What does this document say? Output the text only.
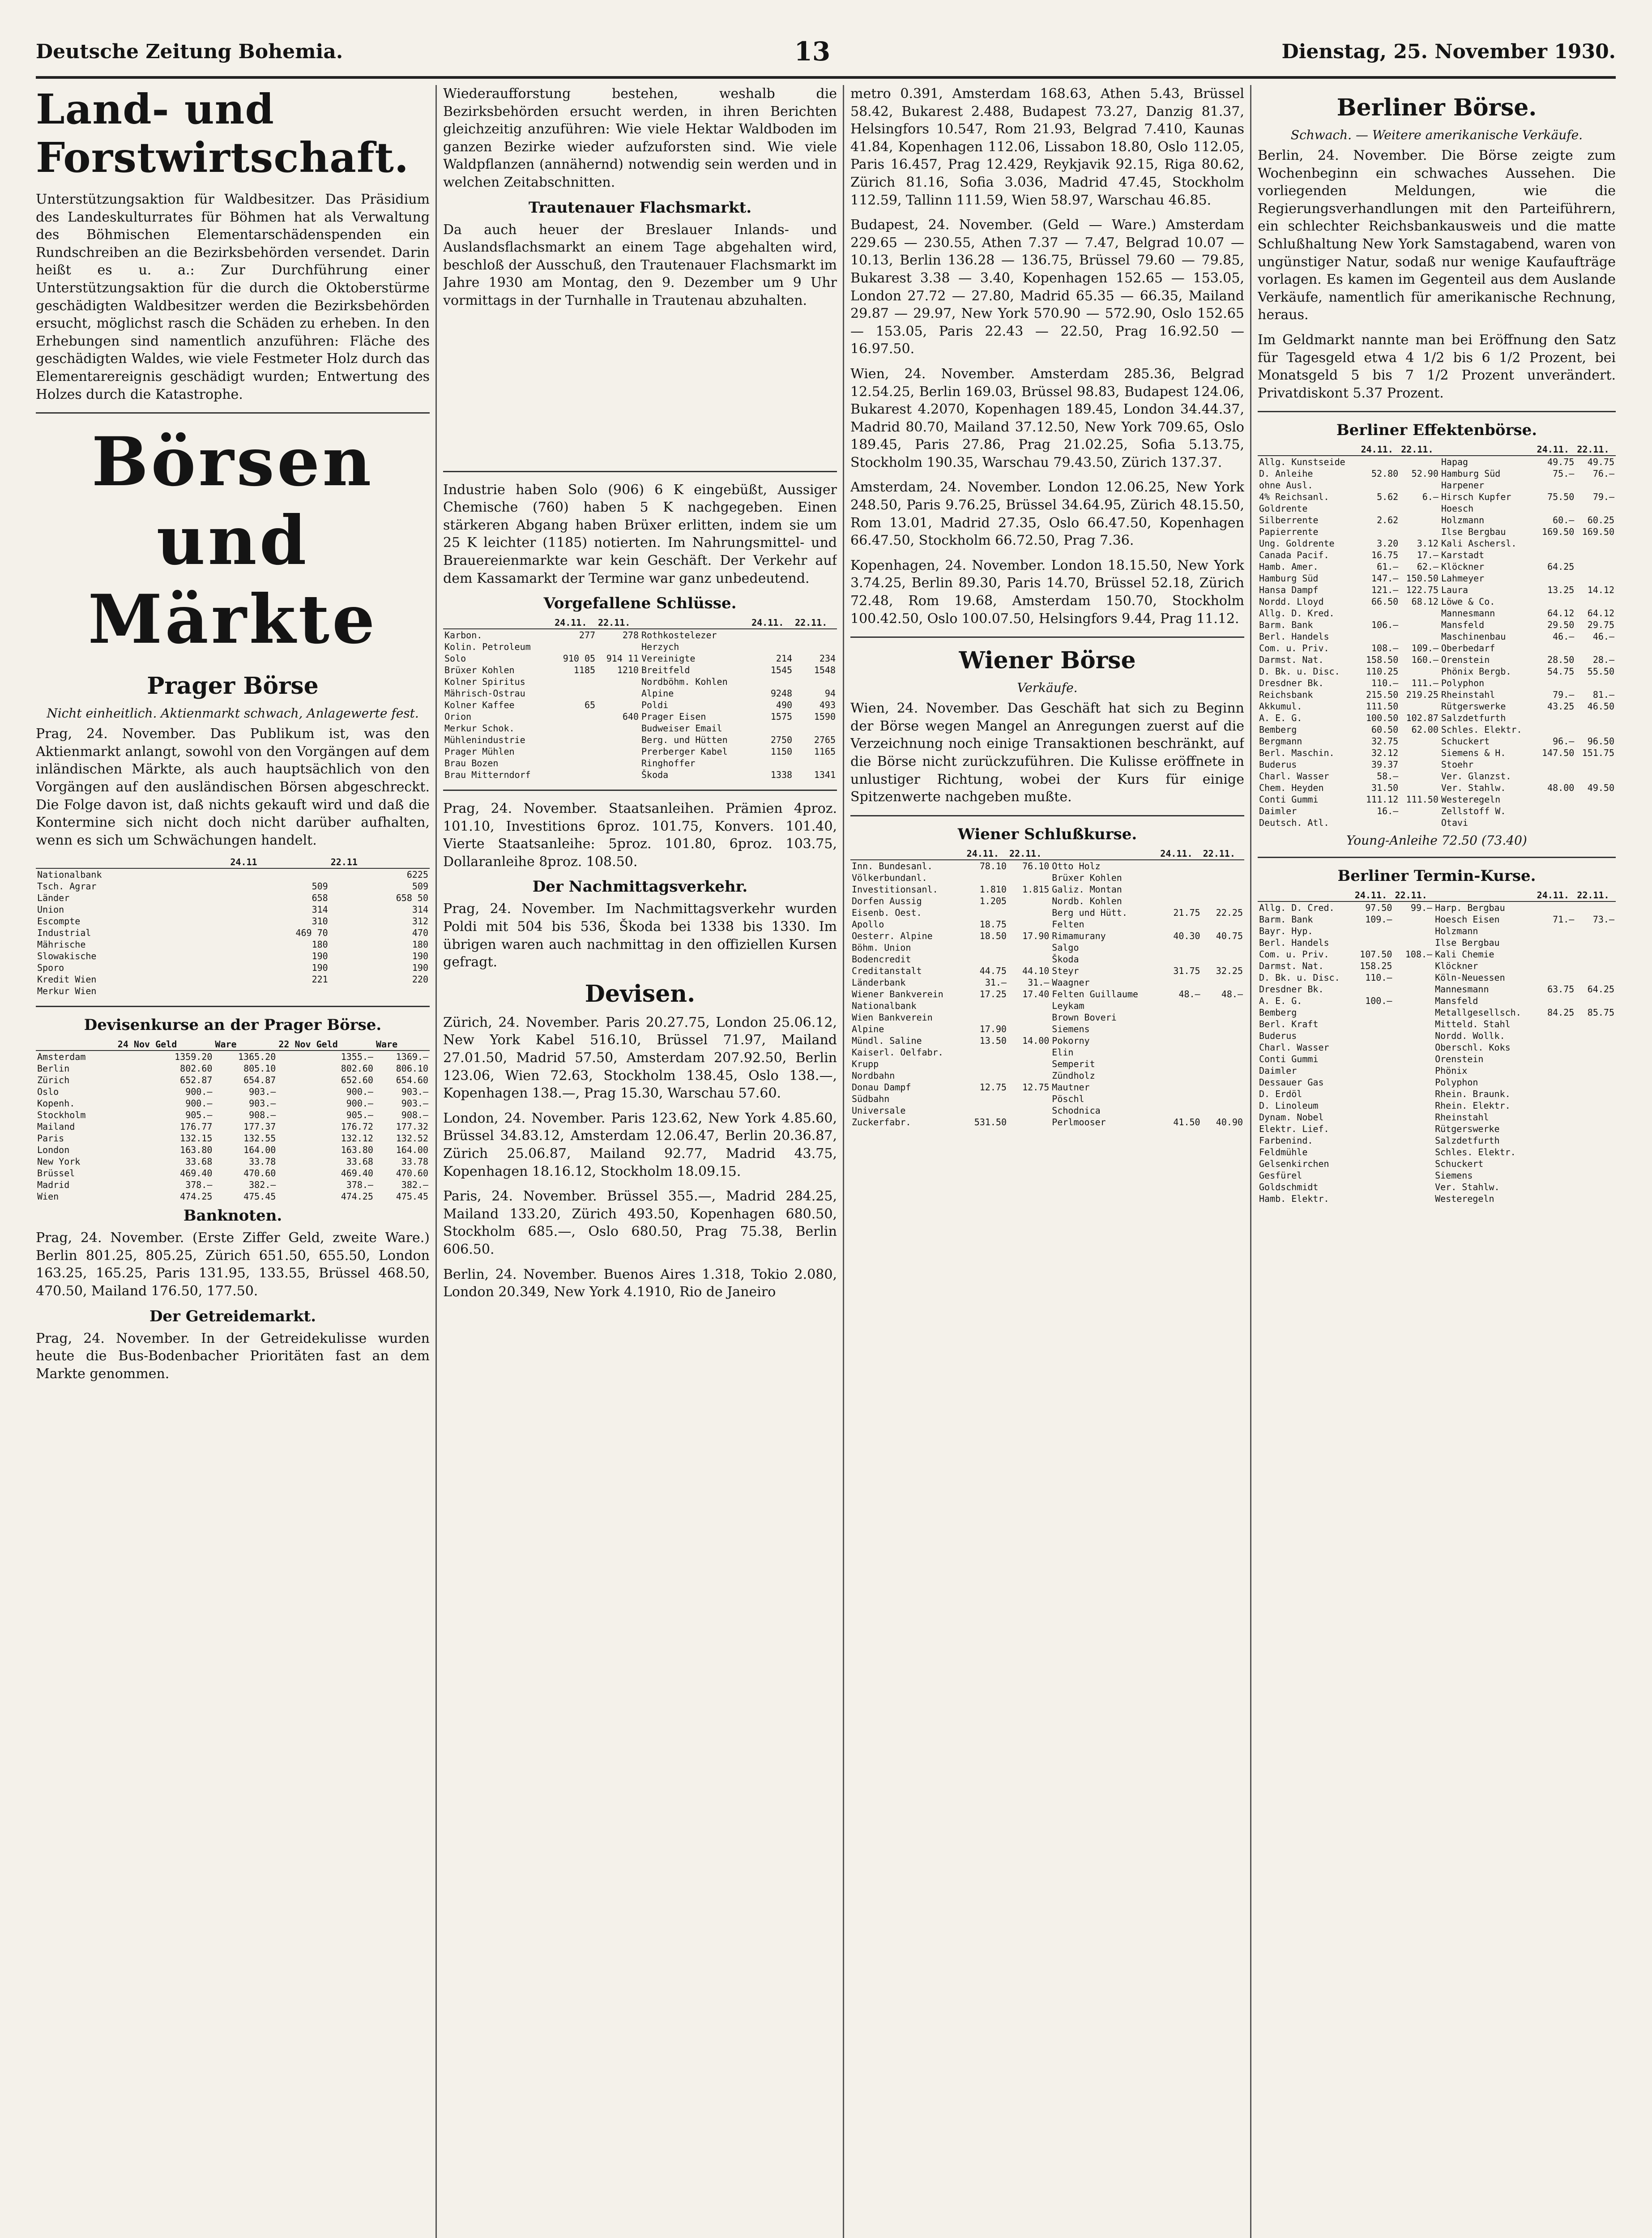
Deutsche Zeitung Bohemia.	13	Dienstag, 25. November 1930.
Land- und Forstwirtschaft.

Unterstützungsaktion für Waldbesitzer. Das Präsidium des Landeskulturrates für Böhmen hat als Verwaltung des Böhmischen Elementarschädenspenden ein Rundschreiben an die Bezirksbehörden versendet. Darin heißt es u. a.: Zur Durchführung einer Unterstützungsaktion für die durch die Oktoberstürme geschädigten Waldbesitzer werden die Bezirksbehörden ersucht, möglichst rasch die Schäden zu erheben. In den Erhebungen sind namentlich anzuführen: Fläche des geschädigten Waldes, wie viele Festmeter Holz durch das Elementarereignis geschädigt wurden; Entwertung des Holzes durch die Katastrophe.

Börsen und Märkte
Prager Börse
Nicht einheitlich. Aktienmarkt schwach, Anlagewerte fest.

Prag, 24. November. Das Publikum ist, was den Aktienmarkt anlangt, sowohl von den Vorgängen auf dem inländischen Märkte, als auch hauptsächlich von den Vorgängen auf den ausländischen Börsen abgeschreckt. Die Folge davon ist, daß nichts gekauft wird und daß die Kontermine sich nicht doch nicht darüber aufhalten, wenn es sich um Schwächungen handelt.

	24.11	22.11
Nationalbank		6225
Tsch. Agrar	509	509
Länder	658	658 50
Union	314	314
Escompte	310	312
Industrial	469 70	470
Mährische	180	180
Slowakische	190	190
Sporo	190	190
Kredit Wien	221	220
Merkur Wien		
Devisenkurse an der Prager Börse.
	24 Nov Geld	Ware	22 Nov Geld	Ware
Amsterdam	1359.20	1365.20	1355.—	1369.—
Berlin	802.60	805.10	802.60	806.10
Zürich	652.87	654.87	652.60	654.60
Oslo	900.—	903.—	900.—	903.—
Kopenh.	900.—	903.—	900.—	903.—
Stockholm	905.—	908.—	905.—	908.—
Mailand	176.77	177.37	176.72	177.32
Paris	132.15	132.55	132.12	132.52
London	163.80	164.00	163.80	164.00
New York	33.68	33.78	33.68	33.78
Brüssel	469.40	470.60	469.40	470.60
Madrid	378.—	382.—	378.—	382.—
Wien	474.25	475.45	474.25	475.45
Banknoten.

Prag, 24. November. (Erste Ziffer Geld, zweite Ware.) Berlin 801.25, 805.25, Zürich 651.50, 655.50, London 163.25, 165.25, Paris 131.95, 133.55, Brüssel 468.50, 470.50, Mailand 176.50, 177.50.

Der Getreidemarkt.

Prag, 24. November. In der Getreidekulisse wurden heute die Bus-Bodenbacher Prioritäten fast an dem Markte genommen.

Wiederaufforstung bestehen, weshalb die Bezirksbehörden ersucht werden, in ihren Berichten gleichzeitig anzuführen: Wie viele Hektar Waldboden im ganzen Bezirke wieder aufzuforsten sind. Wie viele Waldpflanzen (annähernd) notwendig sein werden und in welchen Zeitabschnitten.

Trautenauer Flachsmarkt.

Da auch heuer der Breslauer Inlands- und Auslandsflachsmarkt an einem Tage abgehalten wird, beschloß der Ausschuß, den Trautenauer Flachsmarkt im Jahre 1930 am Montag, den 9. Dezember um 9 Uhr vormittags in der Turnhalle in Trautenau abzuhalten.

Industrie haben Solo (906) 6 K eingebüßt, Aussiger Chemische (760) haben 5 K nachgegeben. Einen stärkeren Abgang haben Brüxer erlitten, indem sie um 25 K leichter (1185) notierten. Im Nahrungsmittel- und Brauereienmarkte war kein Geschäft. Der Verkehr auf dem Kassamarkt der Termine war ganz unbedeutend.

Vorgefallene Schlüsse.
	24.11.	22.11.		24.11.	22.11.
Karbon.	277	278	Rothkostelezer		
Kolin. Petroleum			Herzych		
Solo	910 05	914 11	Vereinigte	214	234
Brüxer Kohlen	1185	1210	Breitfeld	1545	1548
Kolner Spiritus			Nordböhm. Kohlen		
Mährisch-Ostrau			Alpine	9248	94
Kolner Kaffee	65		Poldi	490	493
Orion		640	Prager Eisen	1575	1590
Merkur Schok.			Budweiser Email		
Mühlenindustrie			Berg. und Hütten	2750	2765
Prager Mühlen			Prerberger Kabel	1150	1165
Brau Bozen			Ringhoffer		
Brau Mitterndorf			Škoda	1338	1341

Prag, 24. November. Staatsanleihen. Prämien 4proz. 101.10, Investitions 6proz. 101.75, Konvers. 101.40, Vierte Staatsanleihe: 5proz. 101.80, 6proz. 103.75, Dollaranleihe 8proz. 108.50.

Der Nachmittagsverkehr.

Prag, 24. November. Im Nachmittagsverkehr wurden Poldi mit 504 bis 536, Škoda bei 1338 bis 1330. Im übrigen waren auch nachmittag in den offiziellen Kursen gefragt.

Devisen.

Zürich, 24. November. Paris 20.27.75, London 25.06.12, New York Kabel 516.10, Brüssel 71.97, Mailand 27.01.50, Madrid 57.50, Amsterdam 207.92.50, Berlin 123.06, Wien 72.63, Stockholm 138.45, Oslo 138.—, Kopenhagen 138.—, Prag 15.30, Warschau 57.60.

London, 24. November. Paris 123.62, New York 4.85.60, Brüssel 34.83.12, Amsterdam 12.06.47, Berlin 20.36.87, Zürich 25.06.87, Mailand 92.77, Madrid 43.75, Kopenhagen 18.16.12, Stockholm 18.09.15.

Paris, 24. November. Brüssel 355.—, Madrid 284.25, Mailand 133.20, Zürich 493.50, Kopenhagen 680.50, Stockholm 685.—, Oslo 680.50, Prag 75.38, Berlin 606.50.

Berlin, 24. November. Buenos Aires 1.318, Tokio 2.080, London 20.349, New York 4.1910, Rio de Janeiro

metro 0.391, Amsterdam 168.63, Athen 5.43, Brüssel 58.42, Bukarest 2.488, Budapest 73.27, Danzig 81.37, Helsingfors 10.547, Rom 21.93, Belgrad 7.410, Kaunas 41.84, Kopenhagen 112.06, Lissabon 18.80, Oslo 112.05, Paris 16.457, Prag 12.429, Reykjavik 92.15, Riga 80.62, Zürich 81.16, Sofia 3.036, Madrid 47.45, Stockholm 112.59, Tallinn 111.59, Wien 58.97, Warschau 46.85.

Budapest, 24. November. (Geld — Ware.) Amsterdam 229.65 — 230.55, Athen 7.37 — 7.47, Belgrad 10.07 — 10.13, Berlin 136.28 — 136.75, Brüssel 79.60 — 79.85, Bukarest 3.38 — 3.40, Kopenhagen 152.65 — 153.05, London 27.72 — 27.80, Madrid 65.35 — 66.35, Mailand 29.87 — 29.97, New York 570.90 — 572.90, Oslo 152.65 — 153.05, Paris 22.43 — 22.50, Prag 16.92.50 — 16.97.50.

Wien, 24. November. Amsterdam 285.36, Belgrad 12.54.25, Berlin 169.03, Brüssel 98.83, Budapest 124.06, Bukarest 4.2070, Kopenhagen 189.45, London 34.44.37, Madrid 80.70, Mailand 37.12.50, New York 709.65, Oslo 189.45, Paris 27.86, Prag 21.02.25, Sofia 5.13.75, Stockholm 190.35, Warschau 79.43.50, Zürich 137.37.

Amsterdam, 24. November. London 12.06.25, New York 248.50, Paris 9.76.25, Brüssel 34.64.95, Zürich 48.15.50, Rom 13.01, Madrid 27.35, Oslo 66.47.50, Kopenhagen 66.47.50, Stockholm 66.72.50, Prag 7.36.

Kopenhagen, 24. November. London 18.15.50, New York 3.74.25, Berlin 89.30, Paris 14.70, Brüssel 52.18, Zürich 72.48, Rom 19.68, Amsterdam 150.70, Stockholm 100.42.50, Oslo 100.07.50, Helsingfors 9.44, Prag 11.12.

Wiener Börse
Verkäufe.

Wien, 24. November. Das Geschäft hat sich zu Beginn der Börse wegen Mangel an Anregungen zuerst auf die Verzeichnung noch einige Transaktionen beschränkt, auf die Börse nicht zurückzuführen. Die Kulisse eröffnete in unlustiger Richtung, wobei der Kurs für einige Spitzenwerte nachgeben mußte.

Wiener Schlußkurse.
	24.11.	22.11.		24.11.	22.11.
Inn. Bundesanl.	78.10	76.10	Otto Holz		
Völkerbundanl.			Brüxer Kohlen		
Investitionsanl.	1.810	1.815	Galiz. Montan		
Dorfen Aussig	1.205		Nordb. Kohlen		
Eisenb. Oest.			Berg und Hütt.	21.75	22.25
Apollo	18.75		Felten		
Oesterr. Alpine	18.50	17.90	Rimamurany	40.30	40.75
Böhm. Union			Salgo		
Bodencredit			Škoda		
Creditanstalt	44.75	44.10	Steyr	31.75	32.25
Länderbank	31.—	31.—	Waagner		
Wiener Bankverein	17.25	17.40	Felten Guillaume	48.—	48.—
Nationalbank			Leykam		
Wien Bankverein			Brown Boveri		
Alpine	17.90		Siemens		
Mündl. Saline	13.50	14.00	Pokorny		
Kaiserl. Oelfabr.			Elin		
Krupp			Semperit		
Nordbahn			Zündholz		
Donau Dampf	12.75	12.75	Mautner		
Südbahn			Pöschl		
Universale			Schodnica		
Zuckerfabr.	531.50		Perlmooser	41.50	40.90
Berliner Börse.
Schwach. — Weitere amerikanische Verkäufe.

Berlin, 24. November. Die Börse zeigte zum Wochenbeginn ein schwaches Aussehen. Die vorliegenden Meldungen, wie die Regierungsverhandlungen mit den Parteiführern, ein schlechter Reichsbankausweis und die matte Schlußhaltung New York Samstagabend, waren von ungünstiger Natur, sodaß nur wenige Kaufaufträge vorlagen. Es kamen im Gegenteil aus dem Auslande Verkäufe, namentlich für amerikanische Rechnung, heraus.

Im Geldmarkt nannte man bei Eröffnung den Satz für Tagesgeld etwa 4 1/2 bis 6 1/2 Prozent, bei Monatsgeld 5 bis 7 1/2 Prozent unverändert. Privatdiskont 5.37 Prozent.

Berliner Effektenbörse.
	24.11.	22.11.		24.11.	22.11.
Allg. Kunstseide			Hapag	49.75	49.75
D. Anleihe	52.80	52.90	Hamburg Süd	75.—	76.—
ohne Ausl.			Harpener		
4% Reichsanl.	5.62	6.—	Hirsch Kupfer	75.50	79.—
Goldrente			Hoesch		
Silberrente	2.62		Holzmann	60.—	60.25
Papierrente			Ilse Bergbau	169.50	169.50
Ung. Goldrente	3.20	3.12	Kali Aschersl.		
Canada Pacif.	16.75	17.—	Karstadt		
Hamb. Amer.	61.—	62.—	Klöckner	64.25	
Hamburg Süd	147.—	150.50	Lahmeyer		
Hansa Dampf	121.—	122.75	Laura	13.25	14.12
Nordd. Lloyd	66.50	68.12	Löwe & Co.		
Allg. D. Kred.			Mannesmann	64.12	64.12
Barm. Bank	106.—		Mansfeld	29.50	29.75
Berl. Handels			Maschinenbau	46.—	46.—
Com. u. Priv.	108.—	109.—	Oberbedarf		
Darmst. Nat.	158.50	160.—	Orenstein	28.50	28.—
D. Bk. u. Disc.	110.25		Phönix Bergb.	54.75	55.50
Dresdner Bk.	110.—	111.—	Polyphon		
Reichsbank	215.50	219.25	Rheinstahl	79.—	81.—
Akkumul.	111.50		Rütgerswerke	43.25	46.50
A. E. G.	100.50	102.87	Salzdetfurth		
Bemberg	60.50	62.00	Schles. Elektr.		
Bergmann	32.75		Schuckert	96.—	96.50
Berl. Maschin.	32.12		Siemens & H.	147.50	151.75
Buderus	39.37		Stoehr		
Charl. Wasser	58.—		Ver. Glanzst.		
Chem. Heyden	31.50		Ver. Stahlw.	48.00	49.50
Conti Gummi	111.12	111.50	Westeregeln		
Daimler	16.—		Zellstoff W.		
Deutsch. Atl.			Otavi		
Young-Anleihe 72.50 (73.40)
Berliner Termin-Kurse.
	24.11.	22.11.		24.11.	22.11.
Allg. D. Cred.	97.50	99.—	Harp. Bergbau		
Barm. Bank	109.—		Hoesch Eisen	71.—	73.—
Bayr. Hyp.			Holzmann		
Berl. Handels			Ilse Bergbau		
Com. u. Priv.	107.50	108.—	Kali Chemie		
Darmst. Nat.	158.25		Klöckner		
D. Bk. u. Disc.	110.—		Köln-Neuessen		
Dresdner Bk.			Mannesmann	63.75	64.25
A. E. G.	100.—		Mansfeld		
Bemberg			Metallgesellsch.	84.25	85.75
Berl. Kraft			Mitteld. Stahl		
Buderus			Nordd. Wollk.		
Charl. Wasser			Oberschl. Koks		
Conti Gummi			Orenstein		
Daimler			Phönix		
Dessauer Gas			Polyphon		
D. Erdöl			Rhein. Braunk.		
D. Linoleum			Rhein. Elektr.		
Dynam. Nobel			Rheinstahl		
Elektr. Lief.			Rütgerswerke		
Farbenind.			Salzdetfurth		
Feldmühle			Schles. Elektr.		
Gelsenkirchen			Schuckert		
Gesfürel			Siemens		
Goldschmidt			Ver. Stahlw.		
Hamb. Elektr.			Westeregeln		
